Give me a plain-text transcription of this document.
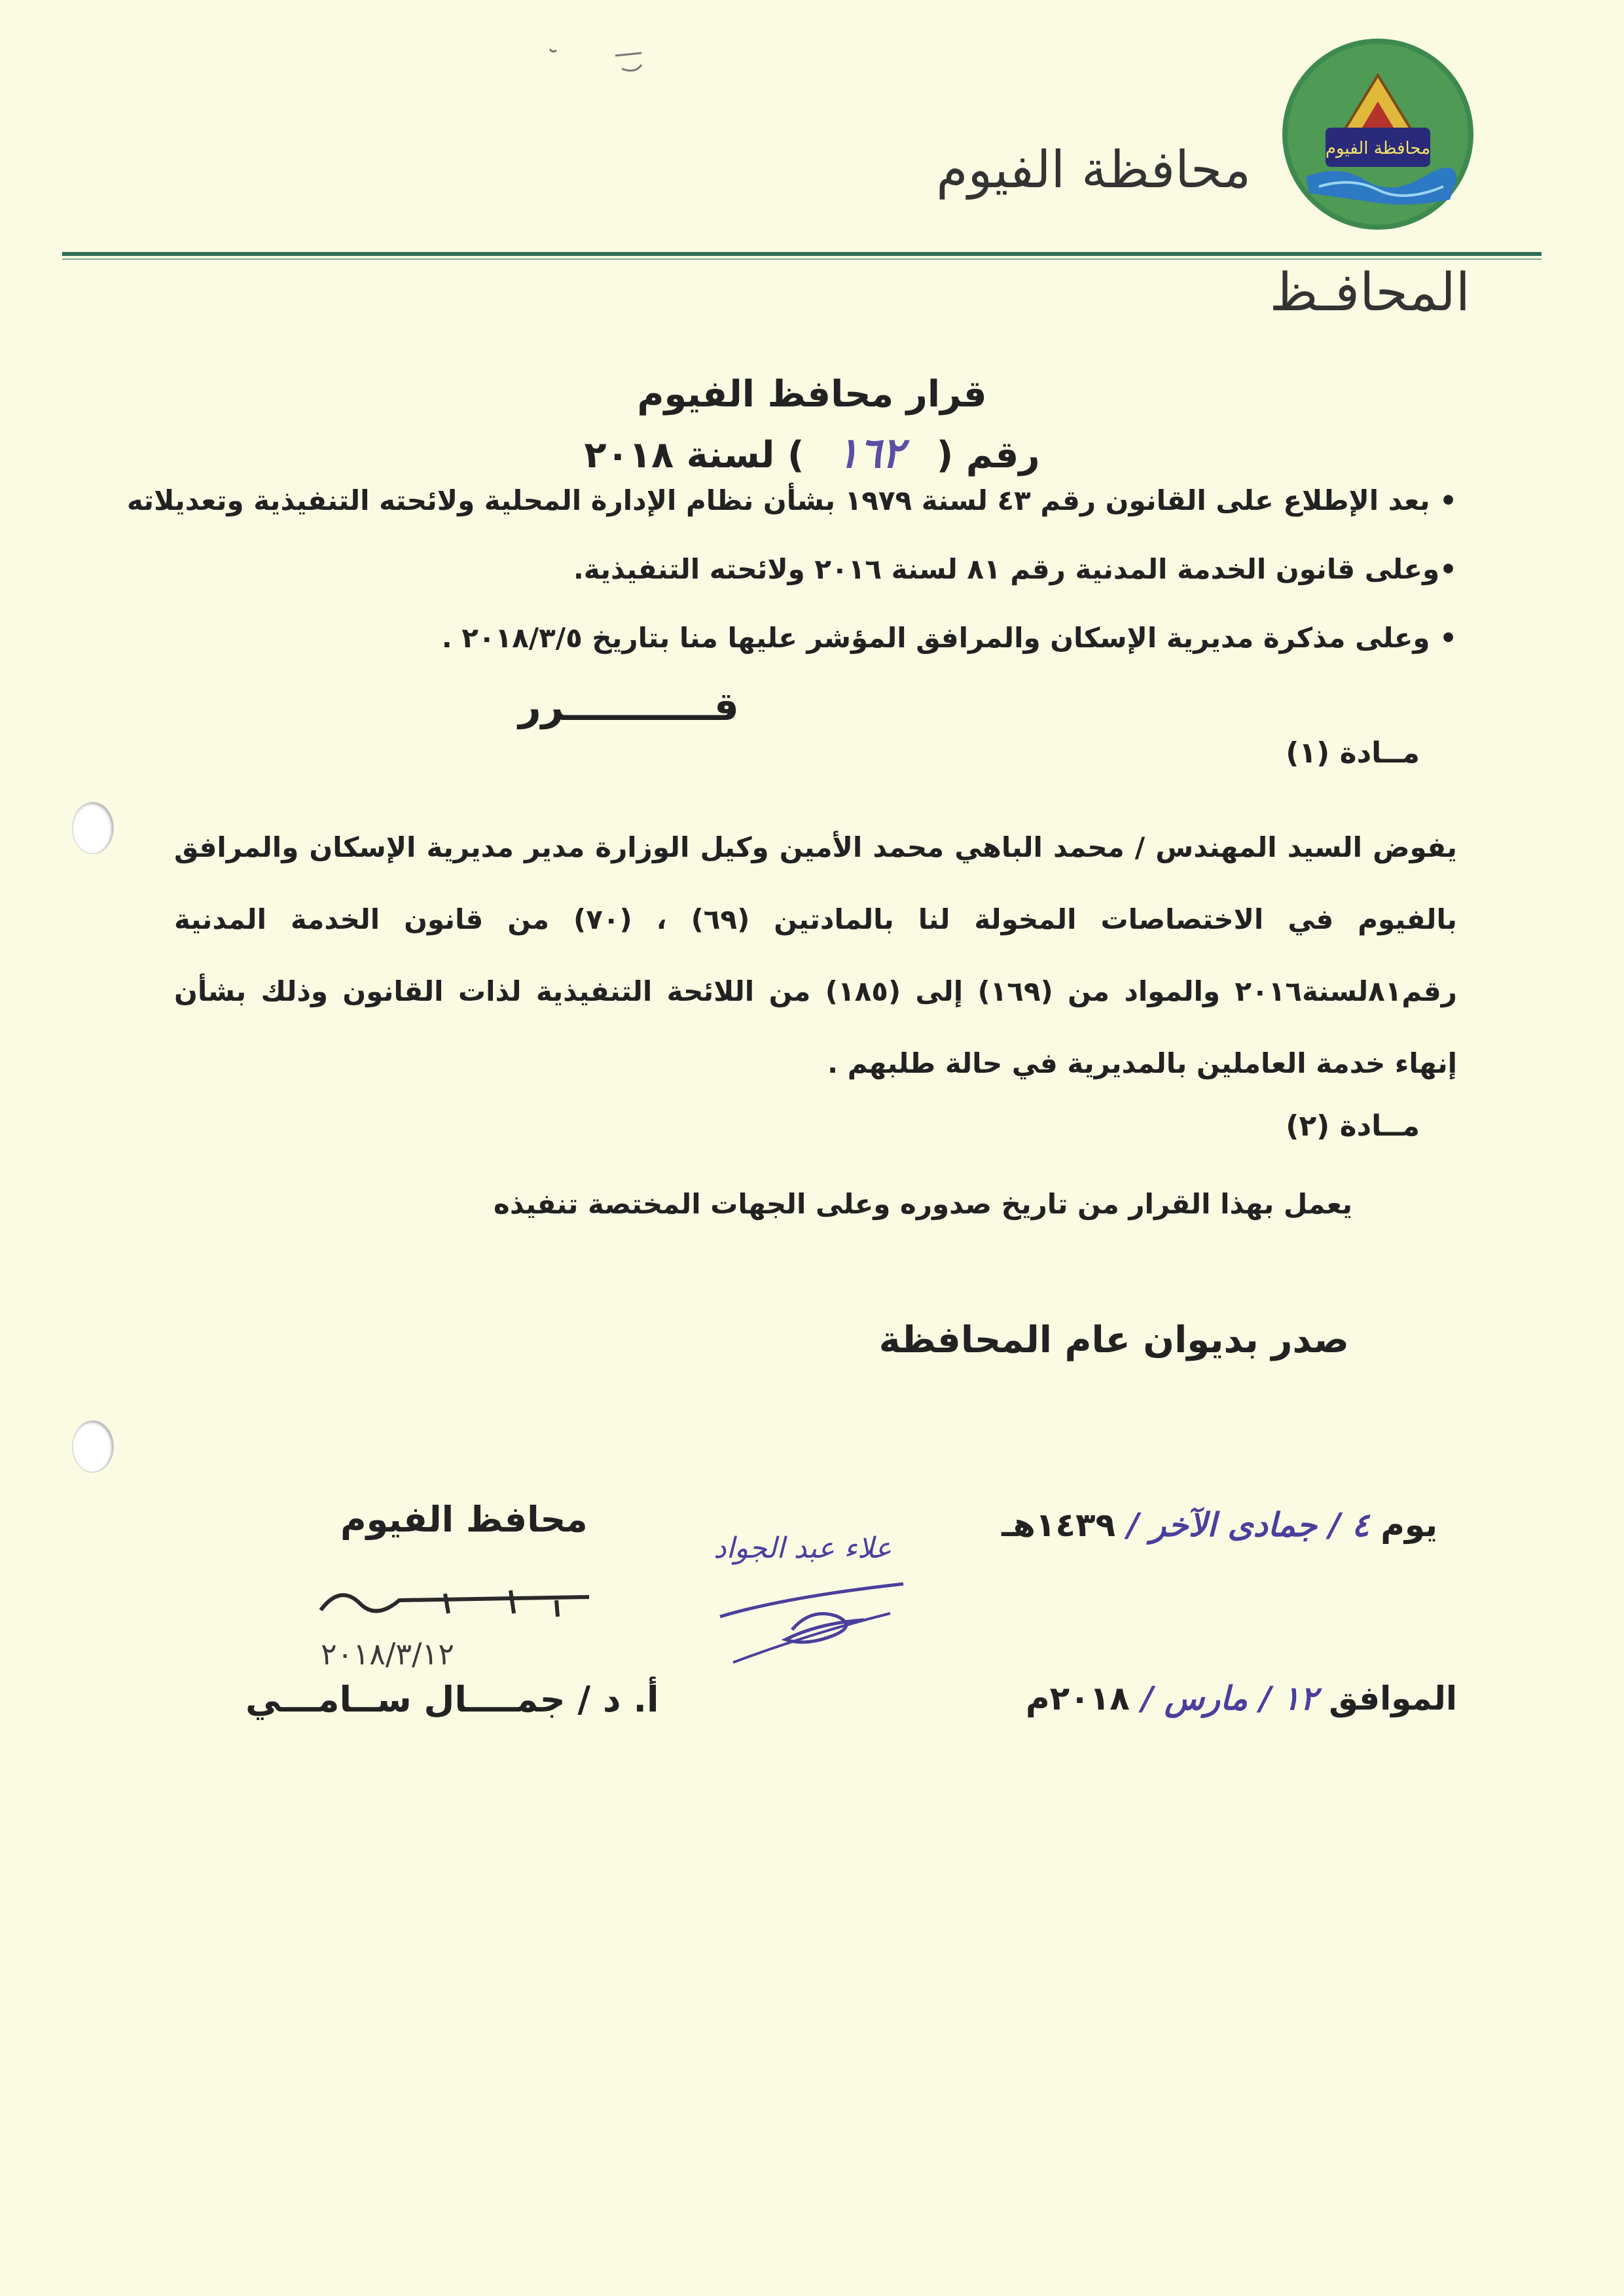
محافظة الفيوم
محافظة الفيوم
المحافـظ
قرار محافظ الفيوم
رقم ( ١٦٢ ) لسنة ٢٠١٨
• بعد الإطلاع على القانون رقم ٤٣ لسنة ١٩٧٩ بشأن نظام الإدارة المحلية ولائحته التنفيذية وتعديلاته
•وعلى قانون الخدمة المدنية رقم ٨١ لسنة ٢٠١٦ ولائحته التنفيذية.
• وعلى مذكرة مديرية الإسكان والمرافق المؤشر عليها منا بتاريخ ٢٠١٨/٣/٥ .
قـــــــــــرر
مــادة (١)
يفوض السيد المهندس / محمد الباهي محمد الأمين وكيل الوزارة مدير مديرية الإسكان والمرافق بالفيوم في الاختصاصات المخولة لنا بالمادتين (٦٩) ، (٧٠) من قانون الخدمة المدنية رقم٨١لسنة٢٠١٦ والمواد من (١٦٩) إلى (١٨٥) من اللائحة التنفيذية لذات القانون وذلك بشأن إنهاء خدمة العاملين بالمديرية في حالة طلبهم .
مــادة (٢)
يعمل بهذا القرار من تاريخ صدوره وعلى الجهات المختصة تنفيذه
صدر بديوان عام المحافظة
يوم ٤ / جمادى الآخر / ١٤٣٩هـ
الموافق ١٢ / مارس / ٢٠١٨م
علاء عبد الجواد
محافظ الفيوم
٢٠١٨/٣/١٢
أ. د / جمــــال ســامـــي
